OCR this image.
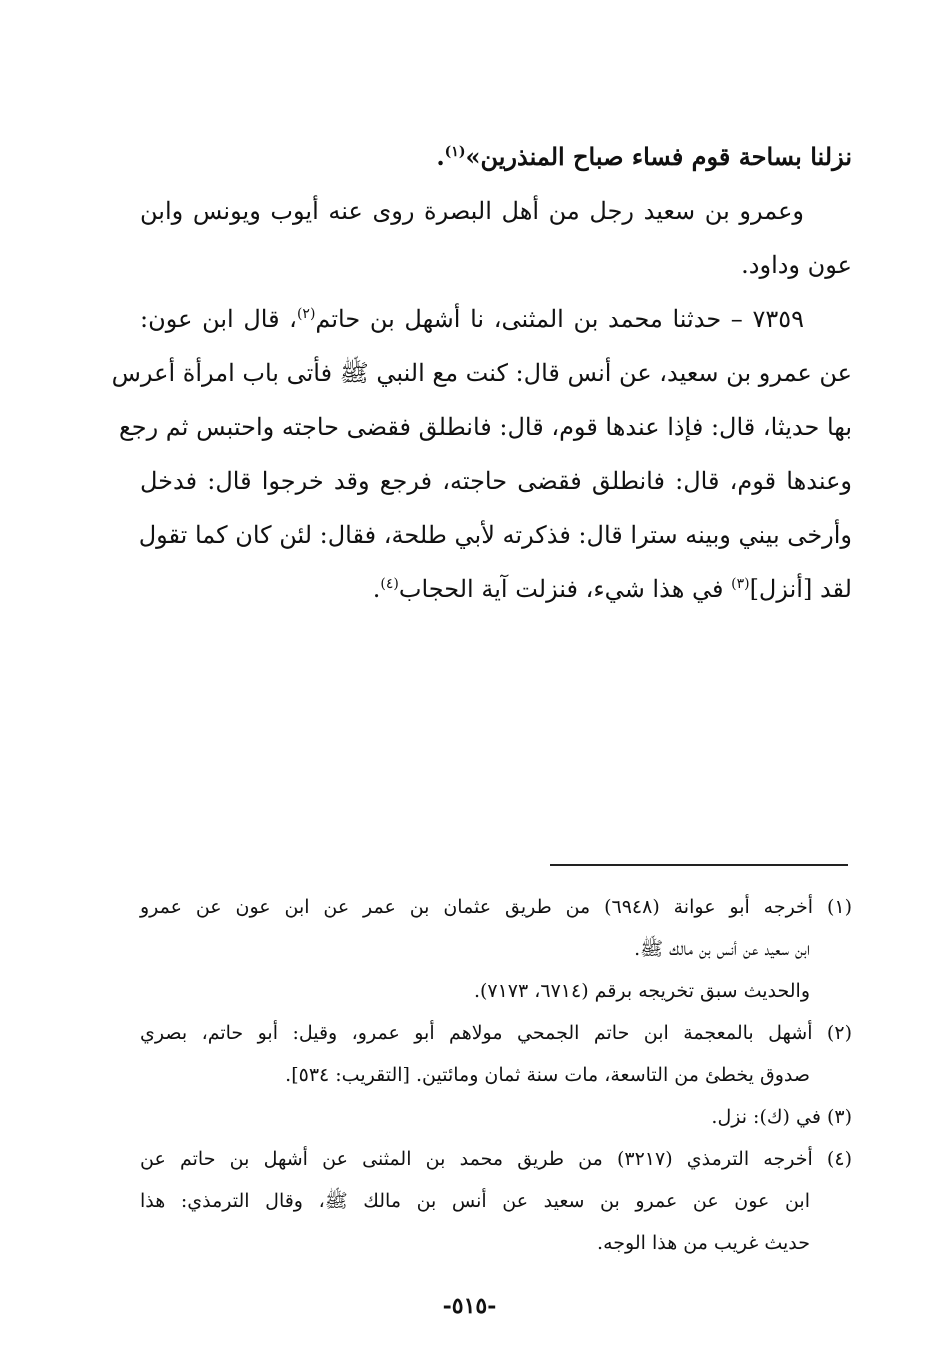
نزلنا بساحة قوم فساء صباح المنذرين»$^{(١)}$.
وعمرو بن سعيد رجل من أهل البصرة روى عنه أيوب ويونس وابن
عون وداود.
٧٣٥٩ – حدثنا محمد بن المثنى، نا أشهل بن حاتم$^{(٢)}$، قال ابن عون:
عن عمرو بن سعيد، عن أنس قال: كنت مع النبي ﷺ فأتى باب امرأة أعرس
بها حديثا، قال: فإذا عندها قوم، قال: فانطلق فقضى حاجته واحتبس ثم رجع
وعندها قوم، قال: فانطلق فقضى حاجته، فرجع وقد خرجوا قال: فدخل
وأرخى بيني وبينه سترا قال: فذكرته لأبي طلحة، فقال: لئن كان كما تقول
لقد [أنزل]$^{(٣)}$ في هذا شيء، فنزلت آية الحجاب$^{(٤)}$.
(١) أخرجه أبو عوانة (٦٩٤٨) من طريق عثمان بن عمر عن ابن عون عن عمرو
ابن سعيد عن أنس بن مالك ﷺ.
والحديث سبق تخريجه برقم (٦٧١٤، ٧١٧٣).
(٢) أشهل بالمعجمة ابن حاتم الجمحي مولاهم أبو عمرو، وقيل: أبو حاتم، بصري
صدوق يخطئ من التاسعة، مات سنة ثمان ومائتين. [التقريب: ٥٣٤].
(٣) في (ك): نزل.
(٤) أخرجه الترمذي (٣٢١٧) من طريق محمد بن المثنى عن أشهل بن حاتم عن
ابن عون عن عمرو بن سعيد عن أنس بن مالك ﷺ، وقال الترمذي: هذا
حديث غريب من هذا الوجه.
-٥١٥-
